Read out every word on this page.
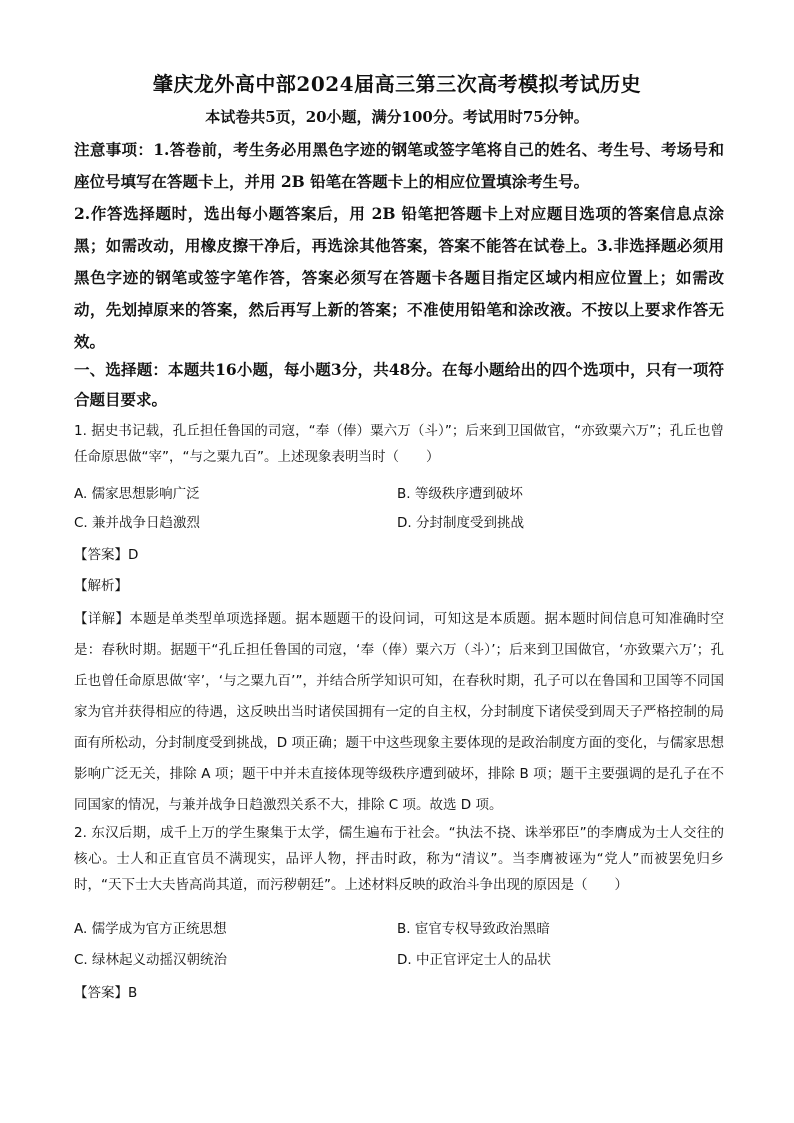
肇庆龙外高中部2024届高三第三次高考模拟考试历史
本试卷共5页，20小题，满分100分。考试用时75分钟。
注意事项：1.答卷前，考生务必用黑色字迹的钢笔或签字笔将自己的姓名、考生号、考场号和座位号填写在答题卡上，并用 2B 铅笔在答题卡上的相应位置填涂考生号。
2.作答选择题时，选出每小题答案后，用 2B 铅笔把答题卡上对应题目选项的答案信息点涂黑；如需改动，用橡皮擦干净后，再选涂其他答案，答案不能答在试卷上。3.非选择题必须用黑色字迹的钢笔或签字笔作答，答案必须写在答题卡各题目指定区域内相应位置上；如需改动，先划掉原来的答案，然后再写上新的答案；不准使用铅笔和涂改液。不按以上要求作答无效。
一、选择题：本题共16小题，每小题3分，共48分。在每小题给出的四个选项中，只有一项符合题目要求。
1. 据史书记载，孔丘担任鲁国的司寇，“奉（俸）粟六万（斗）”；后来到卫国做官，“亦致粟六万”；孔丘也曾任命原思做“宰”，“与之粟九百”。上述现象表明当时（　　）
A. 儒家思想影响广泛	B. 等级秩序遭到破坏
C. 兼并战争日趋激烈	D. 分封制度受到挑战
【答案】D
【解析】
【详解】本题是单类型单项选择题。据本题题干的设问词，可知这是本质题。据本题时间信息可知准确时空是：春秋时期。据题干“孔丘担任鲁国的司寇，‘奉（俸）粟六万（斗）’；后来到卫国做官，‘亦致粟六万’；孔丘也曾任命原思做‘宰’，‘与之粟九百’”，并结合所学知识可知，在春秋时期，孔子可以在鲁国和卫国等不同国家为官并获得相应的待遇，这反映出当时诸侯国拥有一定的自主权，分封制度下诸侯受到周天子严格控制的局面有所松动，分封制度受到挑战，D 项正确；题干中这些现象主要体现的是政治制度方面的变化，与儒家思想影响广泛无关，排除 A 项；题干中并未直接体现等级秩序遭到破坏，排除 B 项；题干主要强调的是孔子在不同国家的情况，与兼并战争日趋激烈关系不大，排除 C 项。故选 D 项。
2. 东汉后期，成千上万的学生聚集于太学，儒生遍布于社会。“执法不挠、诛举邪臣”的李膺成为士人交往的核心。士人和正直官员不满现实，品评人物，抨击时政，称为“清议”。当李膺被诬为“党人”而被罢免归乡时，“天下士大夫皆高尚其道，而污秽朝廷”。上述材料反映的政治斗争出现的原因是（　　）
A. 儒学成为官方正统思想	B. 宦官专权导致政治黑暗
C. 绿林起义动摇汉朝统治	D. 中正官评定士人的品状
【答案】B
